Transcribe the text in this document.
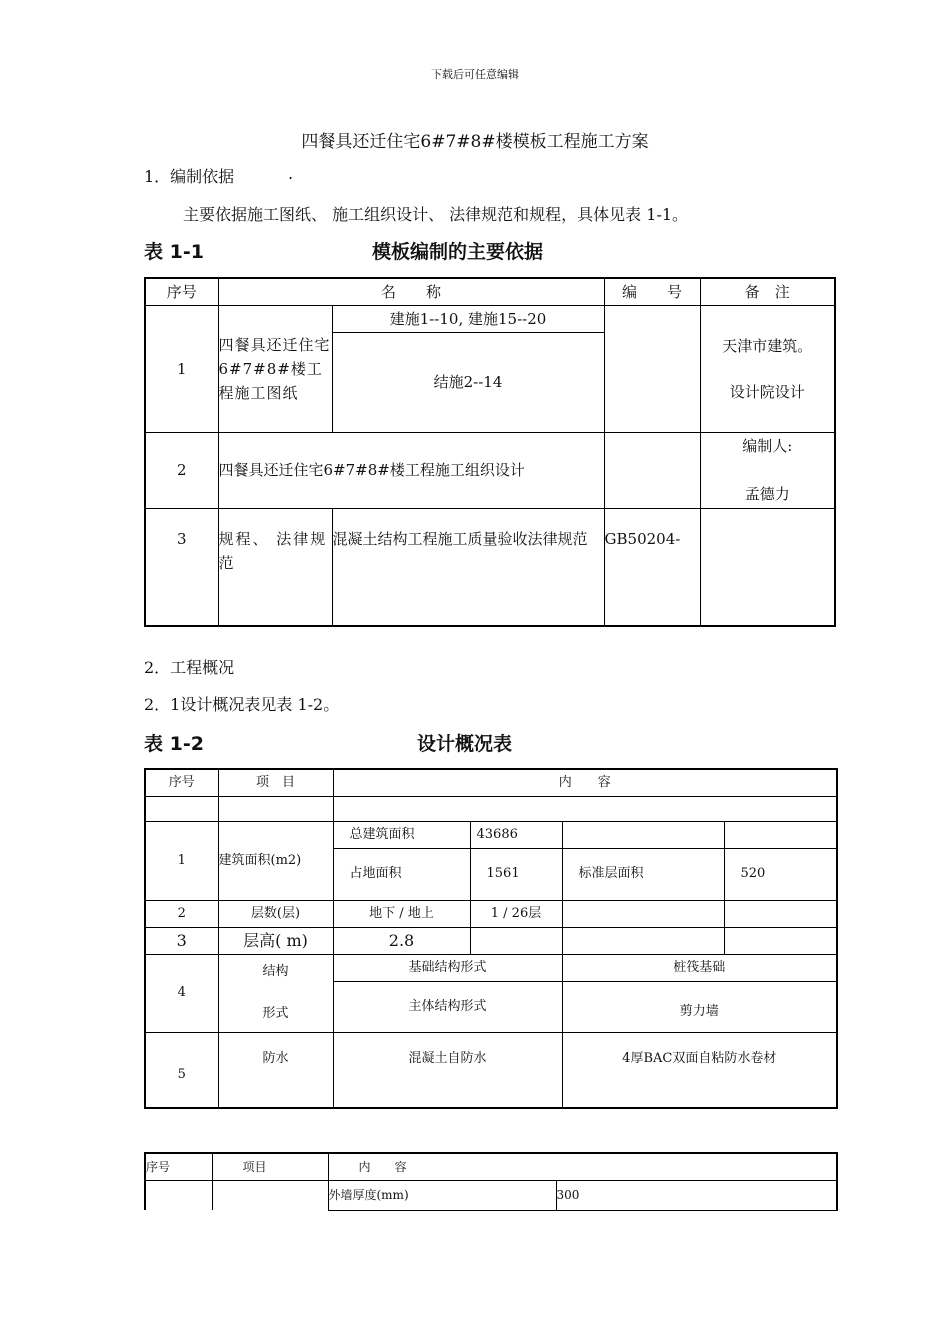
下载后可任意编辑
四餐具还迁住宅6#7#8#楼模板工程施工方案
1．编制依据	.
主要依据施工图纸、 施工组织设计、 法律规范和规程，具体见表 1-1。
表 1-1	模板编制的主要依据
序号	名　　称		编　　号	备　注
1	四餐具还迁住宅6#7#8#楼工程施工图纸	建施1--10, 建施15--20		天津市建筑。
设计院设计

		结施2--14		
2	四餐具还迁住宅6#7#8#楼工程施工组织设计			编制人:
孟德力

3	规程、 法律规范	混凝土结构工程施工质量验收法律规范	GB50204-	
2．工程概况
2．1设计概况表见表 1-2。
表 1-2	设计概况表
序号	项　目	内　　容			

1	建筑面积(m2)	总建筑面积	43686		
		占地面积	1561	标准层面积	520
2	层数(层)	地下 / 地上	1 / 26层		
3	层高( m)	2.8			
4	结构
形式	基础结构形式		桩筏基础	
		主体结构形式		剪力墙	
5	防水	混凝土自防水		4厚BAC双面自粘防水卷材	
序号	项目	内　　容	
		外墙厚度(mm)	300
